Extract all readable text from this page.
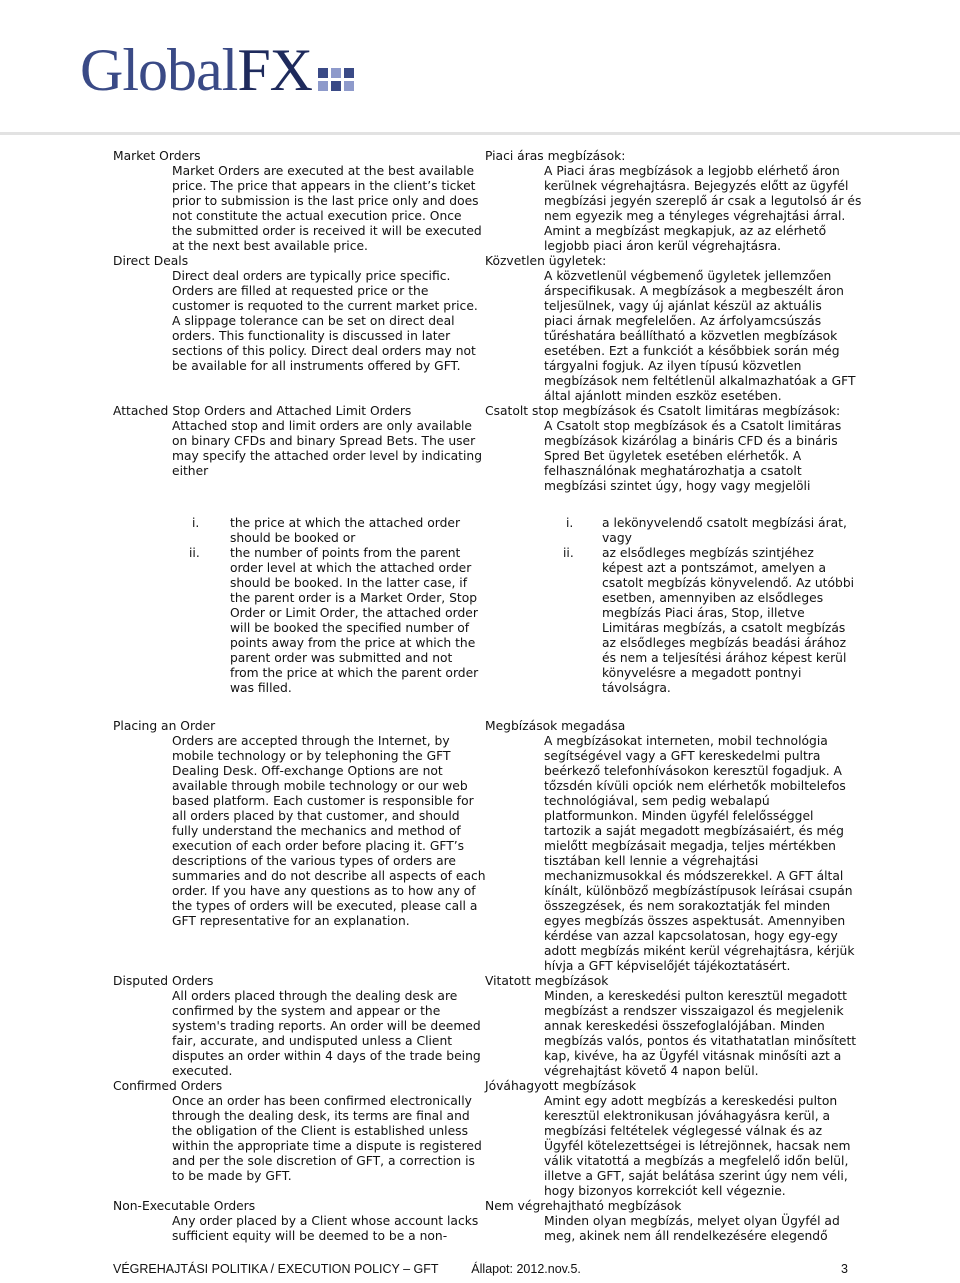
GlobalFX
Market Orders
Market Orders are executed at the best available
price. The price that appears in the client’s ticket
prior to submission is the last price only and does
not constitute the actual execution price. Once
the submitted order is received it will be executed
at the next best available price.
Direct Deals
Direct deal orders are typically price specific.
Orders are filled at requested price or the
customer is requoted to the current market price.
A slippage tolerance can be set on direct deal
orders. This functionality is discussed in later
sections of this policy. Direct deal orders may not
be available for all instruments offered by GFT.
Attached Stop Orders and Attached Limit Orders
Attached stop and limit orders are only available
on binary CFDs and binary Spread Bets. The user
may specify the attached order level by indicating
either
i. the price at which the attached order
should be booked or
ii. the number of points from the parent
order level at which the attached order
should be booked. In the latter case, if
the parent order is a Market Order, Stop
Order or Limit Order, the attached order
will be booked the specified number of
points away from the price at which the
parent order was submitted and not
from the price at which the parent order
was filled.
Placing an Order
Orders are accepted through the Internet, by
mobile technology or by telephoning the GFT
Dealing Desk. Off-exchange Options are not
available through mobile technology or our web
based platform. Each customer is responsible for
all orders placed by that customer, and should
fully understand the mechanics and method of
execution of each order before placing it. GFT’s
descriptions of the various types of orders are
summaries and do not describe all aspects of each
order. If you have any questions as to how any of
the types of orders will be executed, please call a
GFT representative for an explanation.
Disputed Orders
All orders placed through the dealing desk are
confirmed by the system and appear or the
system's trading reports. An order will be deemed
fair, accurate, and undisputed unless a Client
disputes an order within 4 days of the trade being
executed.
Confirmed Orders
Once an order has been confirmed electronically
through the dealing desk, its terms are final and
the obligation of the Client is established unless
within the appropriate time a dispute is registered
and per the sole discretion of GFT, a correction is
to be made by GFT.
Non-Executable Orders
Any order placed by a Client whose account lacks
sufficient equity will be deemed to be a non-
Piaci áras megbízások:
A Piaci áras megbízások a legjobb elérhető áron
kerülnek végrehajtásra. Bejegyzés előtt az ügyfél
megbízási jegyén szereplő ár csak a legutolsó ár és
nem egyezik meg a tényleges végrehajtási árral.
Amint a megbízást megkapjuk, az az elérhető
legjobb piaci áron kerül végrehajtásra.
Közvetlen ügyletek:
A közvetlenül végbemenő ügyletek jellemzően
árspecifikusak. A megbízások a megbeszélt áron
teljesülnek, vagy új ajánlat készül az aktuális
piaci árnak megfelelően. Az árfolyamcsúszás
tűréshatára beállítható a közvetlen megbízások
esetében. Ezt a funkciót a későbbiek során még
tárgyalni fogjuk. Az ilyen típusú közvetlen
megbízások nem feltétlenül alkalmazhatóak a GFT
által ajánlott minden eszköz esetében.
Csatolt stop megbízások és Csatolt limitáras megbízások:
A Csatolt stop megbízások és a Csatolt limitáras
megbízások kizárólag a bináris CFD és a bináris
Spred Bet ügyletek esetében elérhetők. A
felhasználónak meghatározhatja a csatolt
megbízási szintet úgy, hogy vagy megjelöli
i. a lekönyvelendő csatolt megbízási árat,
vagy
ii. az elsődleges megbízás szintjéhez
képest azt a pontszámot, amelyen a
csatolt megbízás könyvelendő. Az utóbbi
esetben, amennyiben az elsődleges
megbízás Piaci áras, Stop, illetve
Limitáras megbízás, a csatolt megbízás
az elsődleges megbízás beadási árához
és nem a teljesítési árához képest kerül
könyvelésre a megadott pontnyi
távolságra.
Megbízások megadása
A megbízásokat interneten, mobil technológia
segítségével vagy a GFT kereskedelmi pultra
beérkező telefonhívásokon keresztül fogadjuk. A
tőzsdén kívüli opciók nem elérhetők mobiltelefos
technológiával, sem pedig webalapú
platformunkon. Minden ügyfél felelősséggel
tartozik a saját megadott megbízásaiért, és még
mielőtt megbízásait megadja, teljes mértékben
tisztában kell lennie a végrehajtási
mechanizmusokkal és módszerekkel. A GFT által
kínált, különböző megbízástípusok leírásai csupán
összegzések, és nem sorakoztatják fel minden
egyes megbízás összes aspektusát. Amennyiben
kérdése van azzal kapcsolatosan, hogy egy-egy
adott megbízás miként kerül végrehajtásra, kérjük
hívja a GFT képviselőjét tájékoztatásért.
Vitatott megbízások
Minden, a kereskedési pulton keresztül megadott
megbízást a rendszer visszaigazol és megjelenik
annak kereskedési összefoglalójában. Minden
megbízás valós, pontos és vitathatatlan minősített
kap, kivéve, ha az Ügyfél vitásnak minősíti azt a
végrehajtást követő 4 napon belül.
Jóváhagyott megbízások
Amint egy adott megbízás a kereskedési pulton
keresztül elektronikusan jóváhagyásra kerül, a
megbízási feltételek véglegessé válnak és az
Ügyfél kötelezettségei is létrejönnek, hacsak nem
válik vitatottá a megbízás a megfelelő időn belül,
illetve a GFT, saját belátása szerint úgy nem véli,
hogy bizonyos korrekciót kell végeznie.
Nem végrehajtható megbízások
Minden olyan megbízás, melyet olyan Ügyfél ad
meg, akinek nem áll rendelkezésére elegendő
VÉGREHAJTÁSI POLITIKA / EXECUTION POLICY – GFT	Állapot: 2012.nov.5.	3
